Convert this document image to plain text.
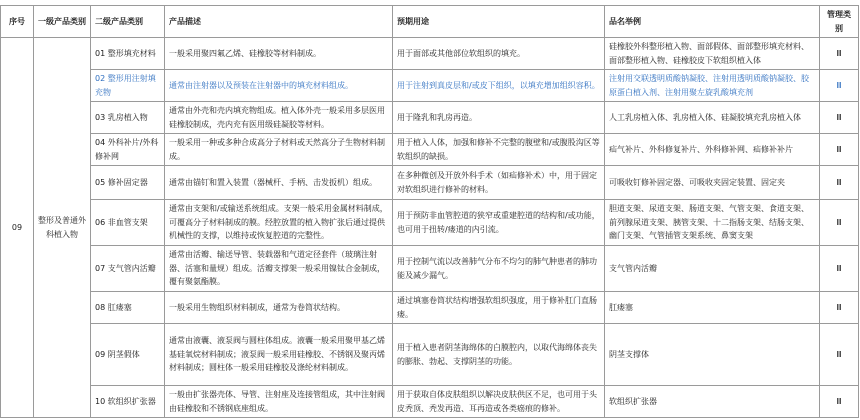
序号	一级产品类别	二级产品类别	产品描述	预期用途	品名举例	管理类别
09	整形及普通外科植入物	01 整形填充材料	一般采用聚四氟乙烯、硅橡胶等材料制成。	用于面部或其他部位软组织的填充。	硅橡胶外科整形植入物、面部假体、面部整形填充材料、面部整形植入物、硅橡胶皮下软组织植入体	Ⅲ
		02 整形用注射填充物	通常由注射器以及预装在注射器中的填充材料组成。	用于注射到真皮层和/或皮下组织，以填充增加组织容积。	注射用交联透明质酸钠凝胶、注射用透明质酸钠凝胶、胶原蛋白植入剂、注射用聚左旋乳酸填充剂	Ⅲ
		03 乳房植入物	通常由外壳和壳内填充物组成。植入体外壳一般采用多层医用硅橡胶制成，壳内充有医用级硅凝胶等材料。	用于隆乳和乳房再造。	人工乳房植入体、乳房植入体、硅凝胶填充乳房植入体	Ⅲ
		04 外科补片/外科修补网	一般采用一种或多种合成高分子材料或天然高分子生物材料制成。	用于植入人体，加强和修补不完整的腹壁和/或腹股沟区等软组织的缺损。	疝气补片、外科修复补片、外科修补网、疝修补补片	Ⅲ
		05 修补固定器	通常由锚钉和置入装置（器械杆、手柄、击发扳机）组成。	在多种微创及开放外科手术（如疝修补术）中，用于固定对软组织进行修补的材料。	可吸收钉修补固定器、可吸收夹固定装置、固定夹	Ⅲ
		06 非血管支架	通常由支架和/或输送系统组成。支架一般采用金属材料制成，可覆高分子材料制成的膜。经腔放置的植入物扩张后通过提供机械性的支撑，以维持或恢复腔道的完整性。	用于预防非血管腔道的狭窄或重建腔道的结构和/或功能，也可用于扭转/瘘道的内引流。	胆道支架、尿道支架、肠道支架、气管支架、食道支架、前列腺尿道支架、胰管支架、十二指肠支架、结肠支架、幽门支架、气管插管支架系统、鼻窦支架	Ⅲ
		07 支气管内活瓣	通常由活瓣、输送导管、装载器和气道定径套件（玻璃注射器、活塞和量规）组成。活瓣支撑架一般采用镍钛合金制成，覆有聚氨酯膜。	用于控制气流以改善肺气分布不均匀的肺气肿患者的肺功能及减少漏气。	支气管内活瓣	Ⅲ
		08 肛瘘塞	一般采用生物组织材料制成，通常为卷筒状结构。	通过填塞卷筒状结构增强软组织强度，用于修补肛门直肠瘘。	肛瘘塞	Ⅲ
		09 阴茎假体	通常由液囊、液泵阀与圆柱体组成。液囊一般采用聚甲基乙烯基硅氧烷材料制成；液泵阀一般采用硅橡胶、不锈钢及聚丙烯材料制成；圆柱体一般采用硅橡胶及涤纶材料制成。	用于植入患者阴茎海绵体的白膜腔内，以取代海绵体丧失的膨胀、勃起、支撑阴茎的功能。	阴茎支撑体	Ⅲ
		10 软组织扩张器	一般由扩张器壳体、导管、注射座及连接管组成，其中注射阀由硅橡胶和不锈钢底座组成。	用于获取自体皮肤组织以解决皮肤供区不足，也可用于头皮秃顶、秃发再造、耳再造或各类癌痕的修补。	软组织扩张器	Ⅲ
